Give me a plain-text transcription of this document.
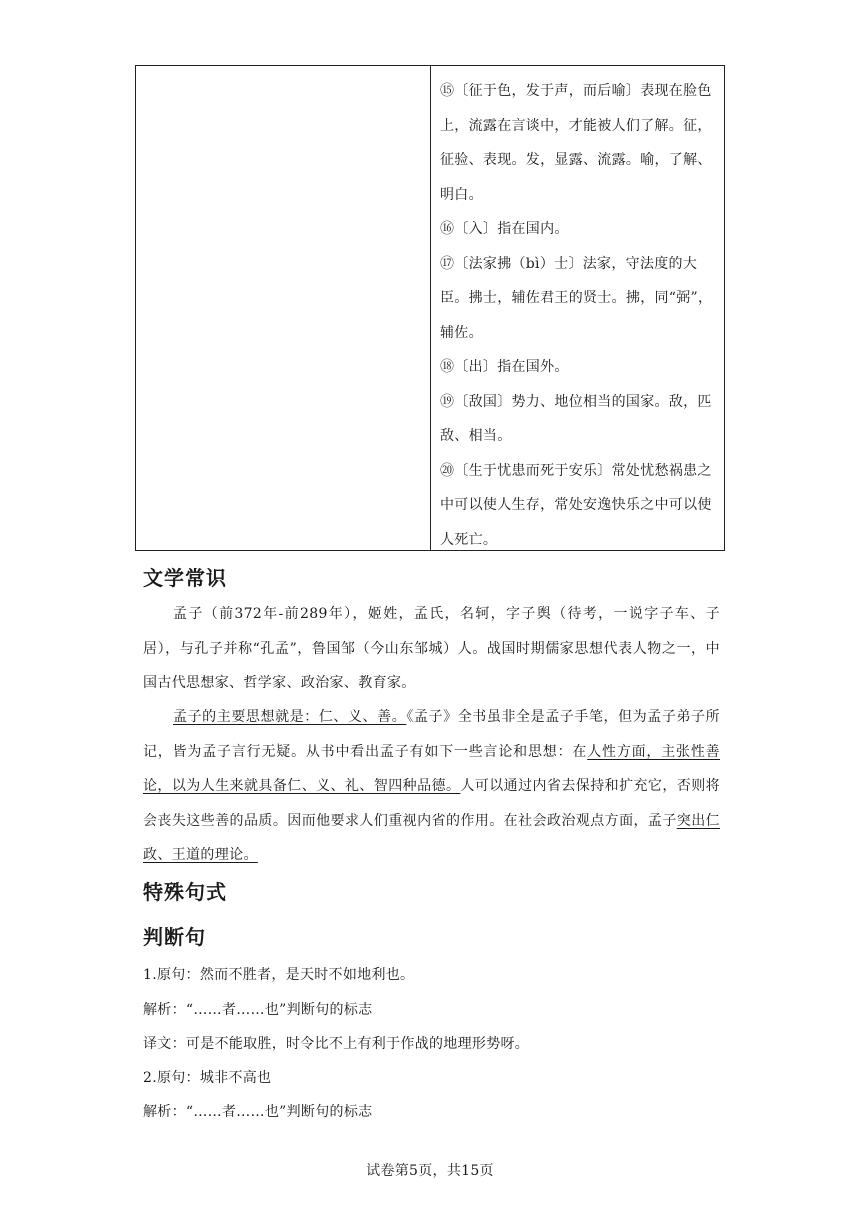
⑮〔征于色，发于声，而后喻〕表现在脸色上，流露在言谈中，才能被人们了解。征，征验、表现。发，显露、流露。喻，了解、明白。

⑯〔入〕指在国内。

⑰〔法家拂（bì）士〕法家，守法度的大臣。拂士，辅佐君王的贤士。拂，同“弼”，辅佐。

⑱〔出〕指在国外。

⑲〔敌国〕势力、地位相当的国家。敌，匹敌、相当。

⑳〔生于忧患而死于安乐〕常处忧愁祸患之中可以使人生存，常处安逸快乐之中可以使人死亡。

文学常识

孟子（前372年-前289年），姬姓，孟氏，名轲，字子舆（待考，一说字子车、子居），与孔子并称“孔孟”，鲁国邹（今山东邹城）人。战国时期儒家思想代表人物之一，中国古代思想家、哲学家、政治家、教育家。

孟子的主要思想就是：仁、义、善。《孟子》全书虽非全是孟子手笔，但为孟子弟子所记，皆为孟子言行无疑。从书中看出孟子有如下一些言论和思想：在人性方面，主张性善论，以为人生来就具备仁、义、礼、智四种品德。人可以通过内省去保持和扩充它，否则将会丧失这些善的品质。因而他要求人们重视内省的作用。在社会政治观点方面，孟子突出仁政、王道的理论。

特殊句式
判断句

1.原句：然而不胜者，是天时不如地利也。

解析：“……者……也”判断句的标志

译文：可是不能取胜，时令比不上有利于作战的地理形势呀。

2.原句：城非不高也

解析：“……者……也”判断句的标志

试卷第5页，共15页
